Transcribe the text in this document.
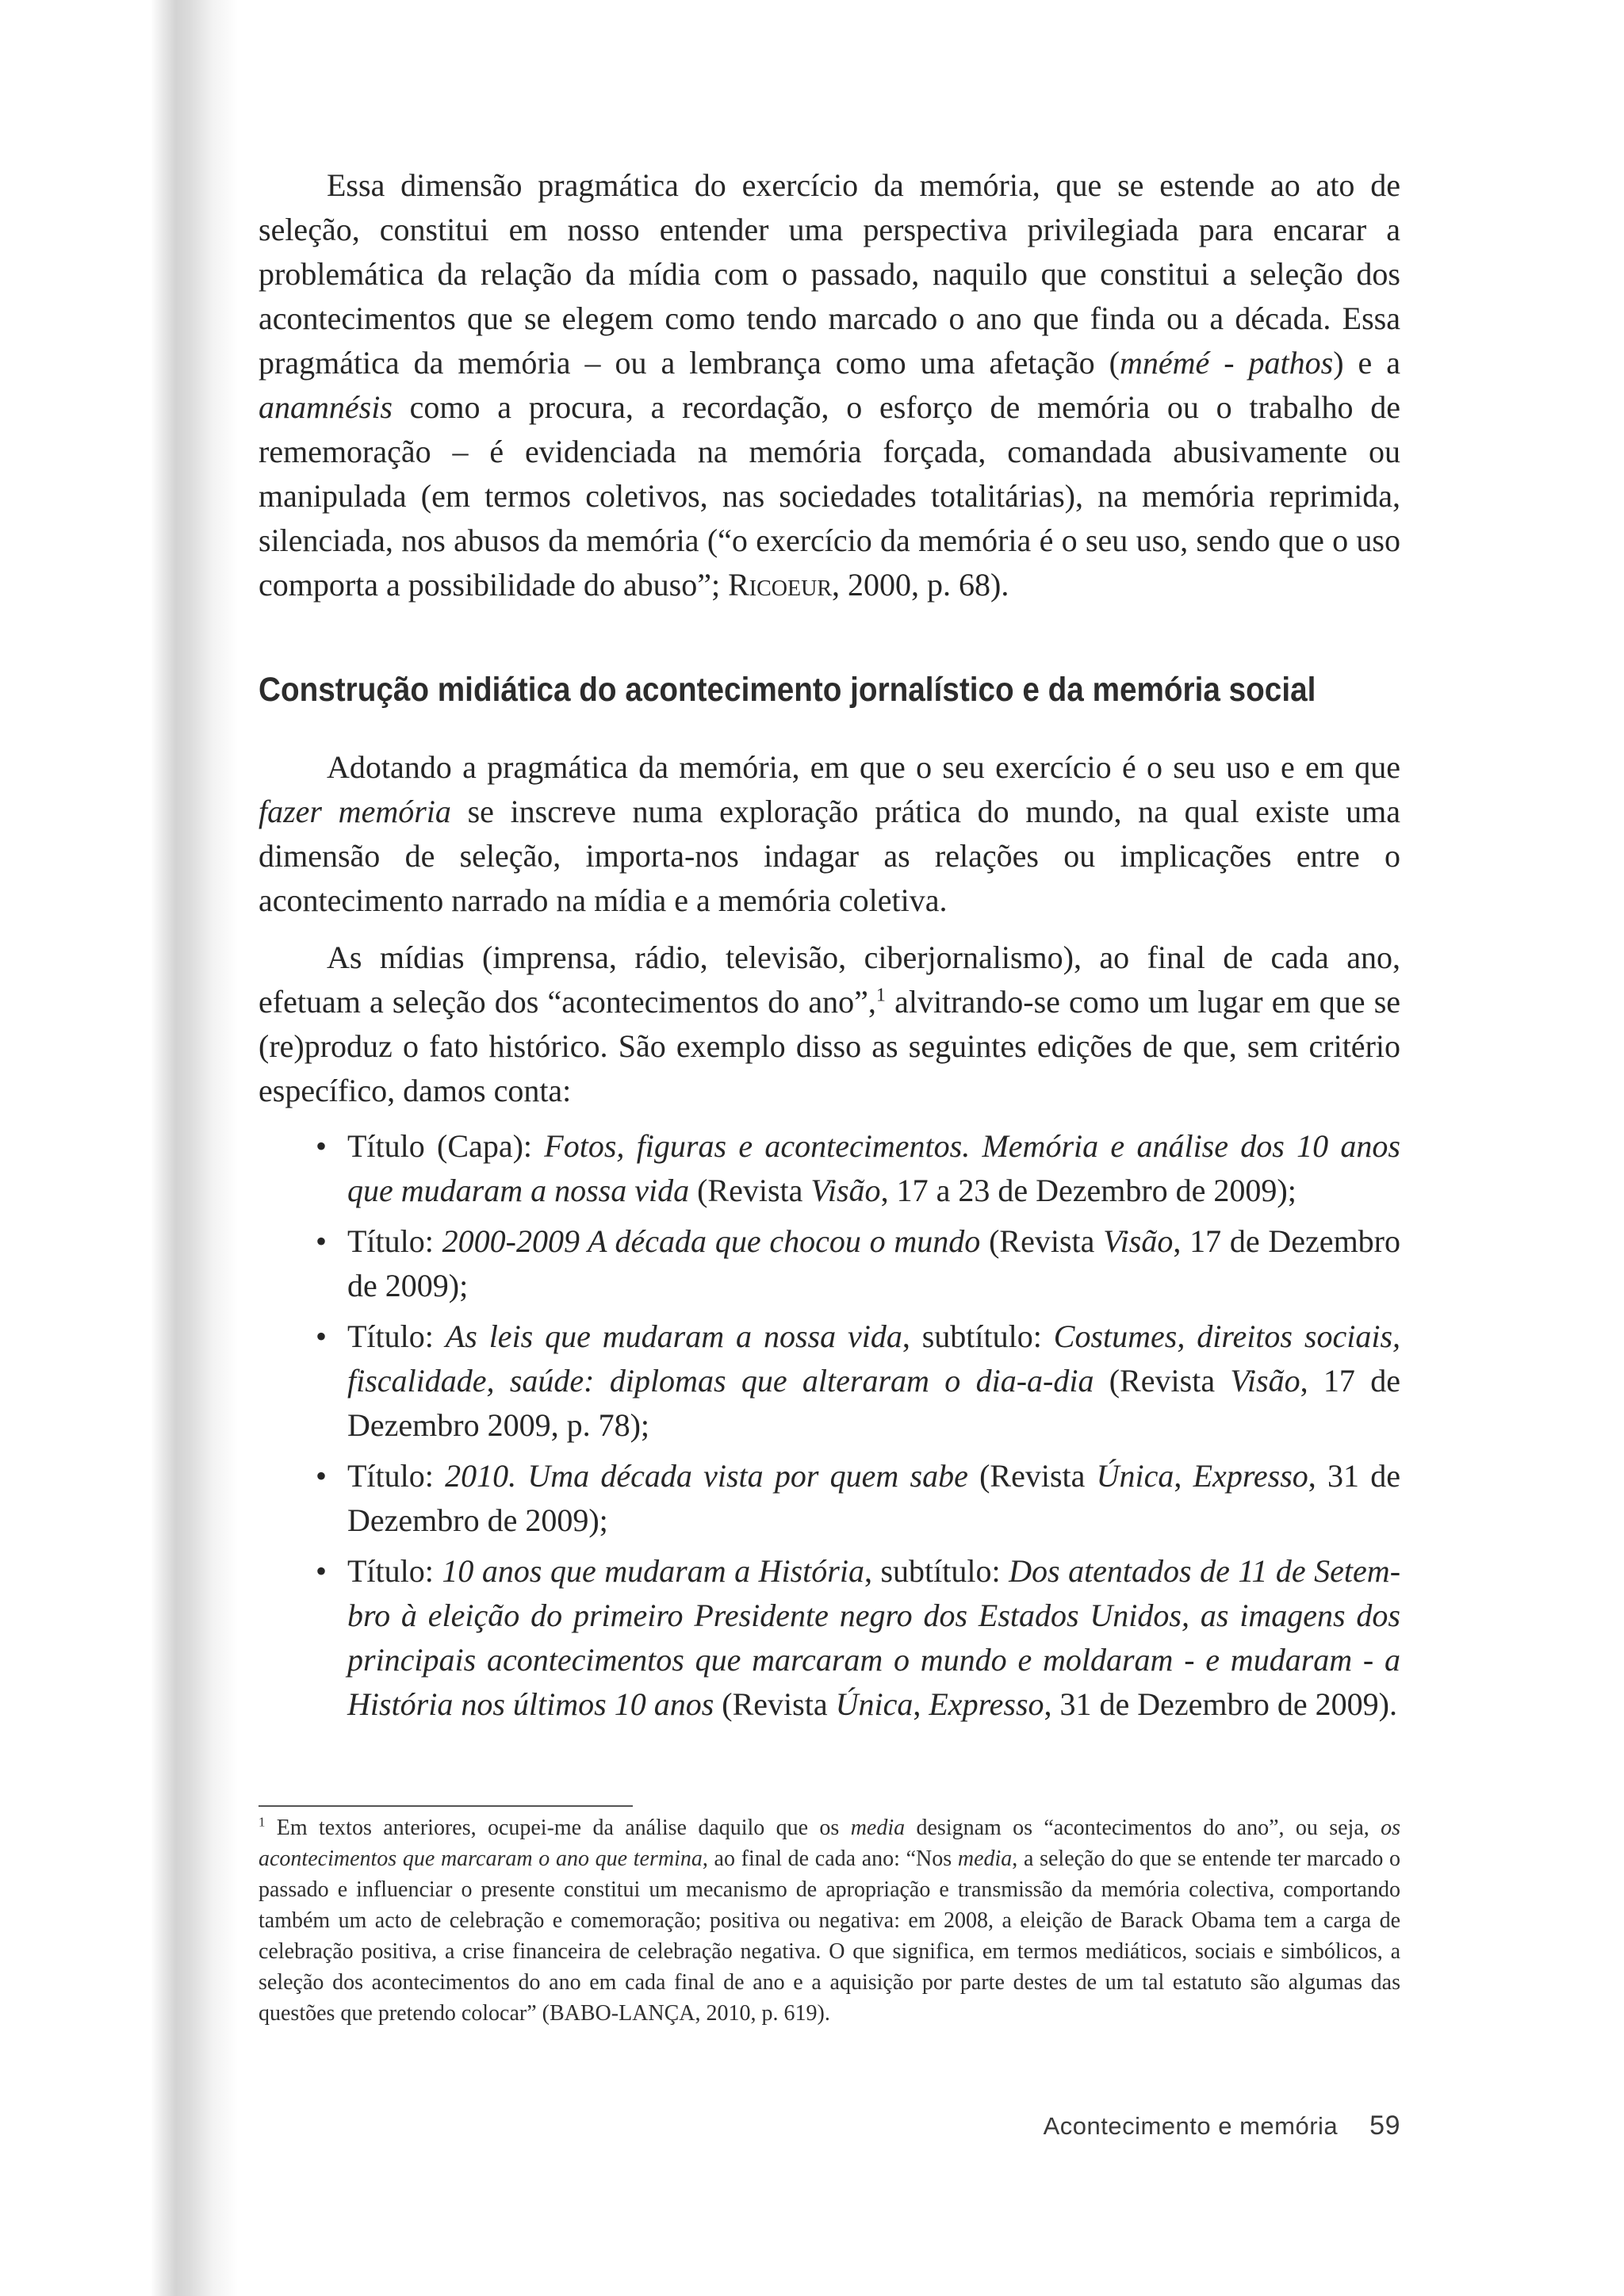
Essa dimensão pragmática do exercício da memória, que se estende ao ato de seleção, constitui em nosso entender uma perspectiva privilegiada para encarar a problemática da relação da mídia com o passado, naquilo que constitui a seleção dos acontecimentos que se elegem como tendo marcado o ano que finda ou a década. Essa pragmática da memória – ou a lembrança como uma afetação (mnémé - pathos) e a anamnésis como a procura, a recordação, o esforço de memória ou o trabalho de rememoração – é evidenciada na memória forçada, comandada abusivamente ou manipulada (em termos coletivos, nas sociedades totalitárias), na memória reprimida, silenciada, nos abusos da memória (“o exercício da memória é o seu uso, sendo que o uso comporta a possibilidade do abuso”; Ricoeur, 2000, p. 68).

Construção midiática do acontecimento jornalístico e da memória social

Adotando a pragmática da memória, em que o seu exercício é o seu uso e em que fazer memória se inscreve numa exploração prática do mundo, na qual existe uma dimensão de seleção, importa-nos indagar as relações ou implicações entre o acontecimento narrado na mídia e a memória coletiva.

As mídias (imprensa, rádio, televisão, ciberjornalismo), ao final de cada ano, efetuam a seleção dos “acontecimentos do ano”,$^1$ alvitrando-se como um lugar em que se (re)produz o fato histórico. São exemplo disso as seguintes edições de que, sem critério específico, damos conta:

• Título (Capa): Fotos, figuras e acontecimentos. Memória e análise dos 10 anos que mudaram a nossa vida (Revista Visão, 17 a 23 de Dezembro de 2009);
• Título: 2000-2009 A década que chocou o mundo (Revista Visão, 17 de Dezembro de 2009);
• Título: As leis que mudaram a nossa vida, subtítulo: Costumes, direitos sociais, fiscalidade, saúde: diplomas que alteraram o dia-a-dia (Revista Visão, 17 de Dezembro 2009, p. 78);
• Título: 2010. Uma década vista por quem sabe (Revista Única, Expresso, 31 de Dezembro de 2009);
• Título: 10 anos que mudaram a História, subtítulo: Dos atentados de 11 de Setembro à eleição do primeiro Presidente negro dos Estados Unidos, as imagens dos principais acontecimentos que marcaram o mundo e moldaram - e mudaram - a História nos últimos 10 anos (Revista Única, Expresso, 31 de Dezembro de 2009).

$^1$ Em textos anteriores, ocupei-me da análise daquilo que os media designam os “acontecimentos do ano”, ou seja, os acontecimentos que marcaram o ano que termina, ao final de cada ano: “Nos media, a seleção do que se entende ter marcado o passado e influenciar o presente constitui um mecanismo de apropriação e transmissão da memória colectiva, comportando também um acto de celebração e comemoração; positiva ou negativa: em 2008, a eleição de Barack Obama tem a carga de celebração positiva, a crise financeira de celebração negativa. O que significa, em termos mediáticos, sociais e simbólicos, a seleção dos acontecimentos do ano em cada final de ano e a aquisição por parte destes de um tal estatuto são algumas das questões que pretendo colocar” (BABO-LANÇA, 2010, p. 619).

Acontecimento e memória 59
